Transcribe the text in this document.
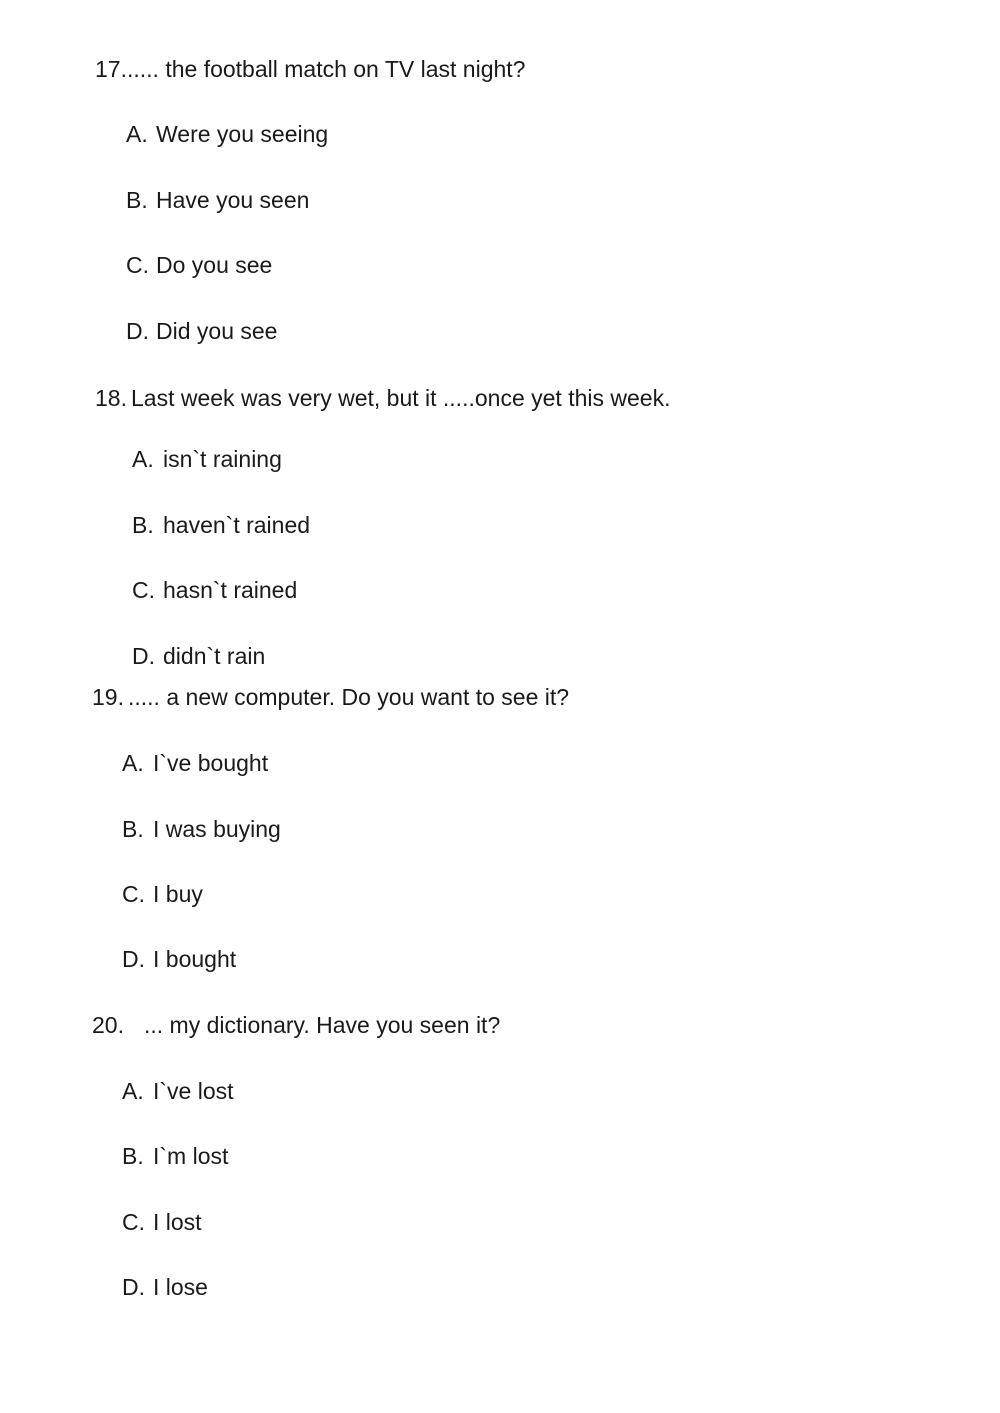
17...... the football match on TV last night?
A. Were you seeing
B. Have you seen
C. Do you see
D. Did you see
18. Last week was very wet, but it .....once yet this week.
A. isn`t raining
B. haven`t rained
C. hasn`t rained
D. didn`t rain
19. ..... a new computer. Do you want to see it?
A. I`ve bought
B. I was buying
C. I buy
D. I bought
20. ... my dictionary. Have you seen it?
A. I`ve lost
B. I`m lost
C. I lost
D. I lose
